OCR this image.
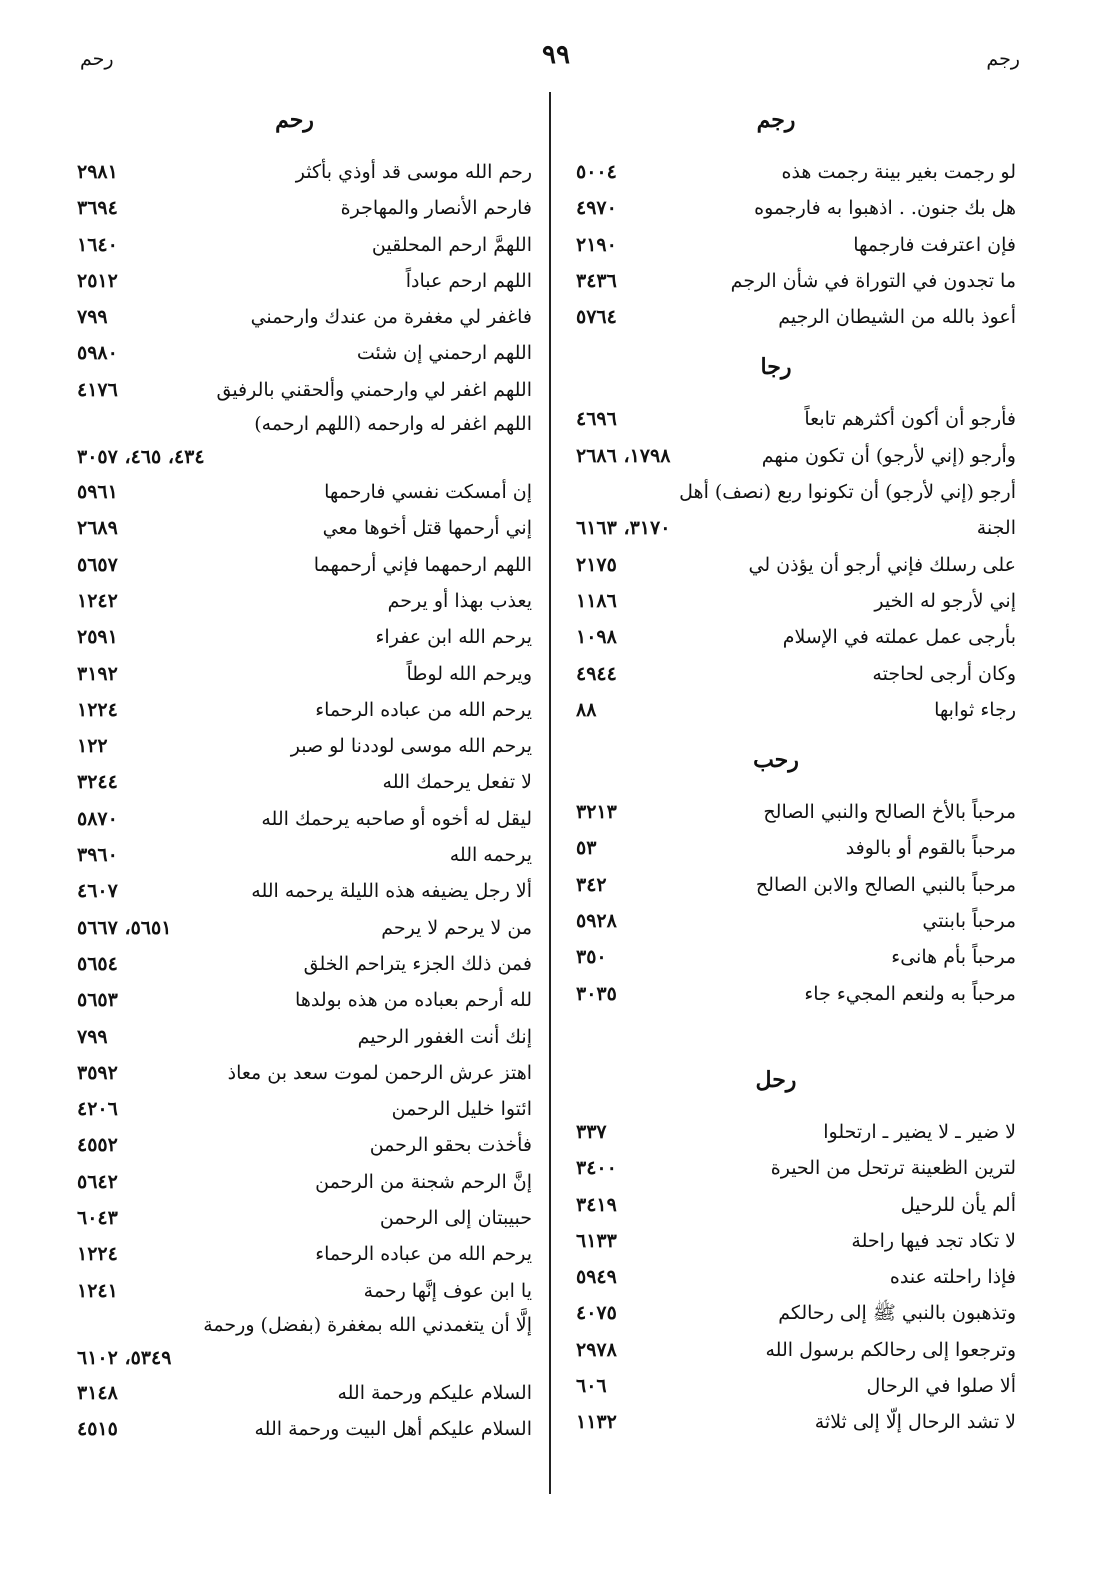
رجم
٩٩
رحم
رجم
لو رجمت بغير بينة رجمت هذه
٥٠٠٤
هل بك جنون. . اذهبوا به فارجموه
٤٩٧٠
فإن اعترفت فارجمها
٢١٩٠
ما تجدون في التوراة في شأن الرجم
٣٤٣٦
أعوذ بالله من الشيطان الرجيم
٥٧٦٤
رجا
فأرجو أن أكون أكثرهم تابعاً
٤٦٩٦
وأرجو (إني لأرجو) أن تكون منهم
١٧٩٨، ٢٦٨٦
أرجو (إني لأرجو) أن تكونوا ربع (نصف) أهل
الجنة
٣١٧٠، ٦١٦٣
على رسلك فإني أرجو أن يؤذن لي
٢١٧٥
إني لأرجو له الخير
١١٨٦
بأرجى عمل عملته في الإسلام
١٠٩٨
وكان أرجى لحاجته
٤٩٤٤
رجاء ثوابها
٨٨
رحب
مرحباً بالأخ الصالح والنبي الصالح
٣٢١٣
مرحباً بالقوم أو بالوفد
٥٣
مرحباً بالنبي الصالح والابن الصالح
٣٤٢
مرحباً بابنتي
٥٩٢٨
مرحباً بأم هانىء
٣٥٠
مرحباً به ولنعم المجيء جاء
٣٠٣٥
رحل
لا ضير ـ لا يضير ـ ارتحلوا
٣٣٧
لترين الظعينة ترتحل من الحيرة
٣٤٠٠
ألم يأن للرحيل
٣٤١٩
لا تكاد تجد فيها راحلة
٦١٣٣
فإذا راحلته عنده
٥٩٤٩
وتذهبون بالنبي ﷺ إلى رحالكم
٤٠٧٥
وترجعوا إلى رحالكم برسول الله
٢٩٧٨
ألا صلوا في الرحال
٦٠٦
لا تشد الرحال إلّا إلى ثلاثة
١١٣٢
رحم
رحم الله موسى قد أوذي بأكثر
٢٩٨١
فارحم الأنصار والمهاجرة
٣٦٩٤
اللهمَّ ارحم المحلقين
١٦٤٠
اللهم ارحم عباداً
٢٥١٢
فاغفر لي مغفرة من عندك وارحمني
٧٩٩
اللهم ارحمني إن شئت
٥٩٨٠
اللهم اغفر لي وارحمني وألحقني بالرفيق
٤١٧٦
اللهم اغفر له وارحمه (اللهم ارحمه)
٤٣٤، ٤٦٥، ٣٠٥٧
إن أمسكت نفسي فارحمها
٥٩٦١
إني أرحمها قتل أخوها معي
٢٦٨٩
اللهم ارحمهما فإني أرحمهما
٥٦٥٧
يعذب بهذا أو يرحم
١٢٤٢
يرحم الله ابن عفراء
٢٥٩١
ويرحم الله لوطاً
٣١٩٢
يرحم الله من عباده الرحماء
١٢٢٤
يرحم الله موسى لوددنا لو صبر
١٢٢
لا تفعل يرحمك الله
٣٢٤٤
ليقل له أخوه أو صاحبه يرحمك الله
٥٨٧٠
يرحمه الله
٣٩٦٠
ألا رجل يضيفه هذه الليلة يرحمه الله
٤٦٠٧
من لا يرحم لا يرحم
٥٦٥١، ٥٦٦٧
فمن ذلك الجزء يتراحم الخلق
٥٦٥٤
لله أرحم بعباده من هذه بولدها
٥٦٥٣
إنك أنت الغفور الرحيم
٧٩٩
اهتز عرش الرحمن لموت سعد بن معاذ
٣٥٩٢
ائتوا خليل الرحمن
٤٢٠٦
فأخذت بحقو الرحمن
٤٥٥٢
إنَّ الرحم شجنة من الرحمن
٥٦٤٢
حبيبتان إلى الرحمن
٦٠٤٣
يرحم الله من عباده الرحماء
١٢٢٤
يا ابن عوف إنَّها رحمة
١٢٤١
إلَّا أن يتغمدني الله بمغفرة (بفضل) ورحمة
٥٣٤٩، ٦١٠٢
السلام عليكم ورحمة الله
٣١٤٨
السلام عليكم أهل البيت ورحمة الله
٤٥١٥
